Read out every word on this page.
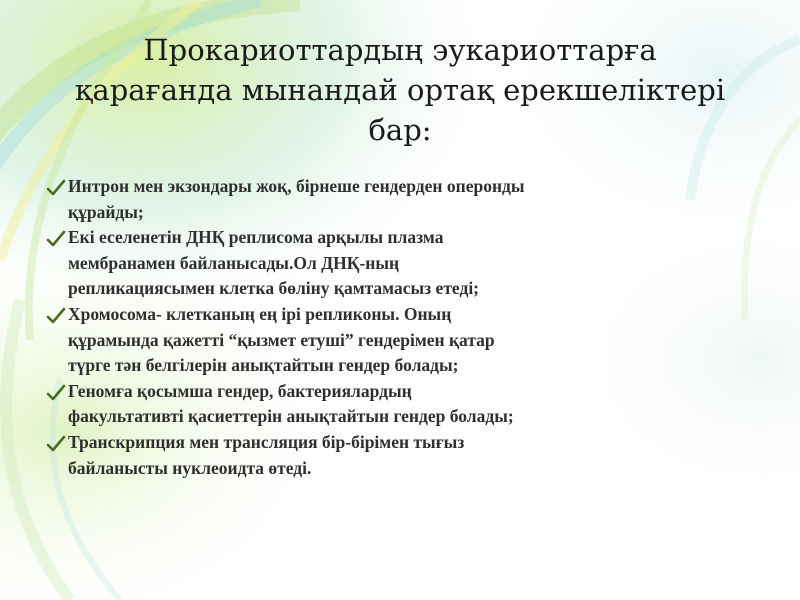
Прокариоттардың эукариоттарға
қарағанда мынандай ортақ ерекшеліктері
бар:
Интрон мен экзондары жоқ, бірнеше гендерден оперонды
құрайды;
Екі еселенетін ДНҚ реплисома арқылы плазма
мембранамен байланысады.Ол ДНҚ-ның
репликациясымен клетка бөліну қамтамасыз етеді;
Хромосома- клетканың ең ірі репликоны. Оның
құрамында қажетті “қызмет етуші” гендерімен қатар
түрге тән белгілерін анықтайтын гендер болады;
Геномға қосымша гендер, бактериялардың
факультативті қасиеттерін анықтайтын гендер болады;
Транскрипция мен трансляция бір-бірімен тығыз
байланысты нуклеоидта өтеді.
